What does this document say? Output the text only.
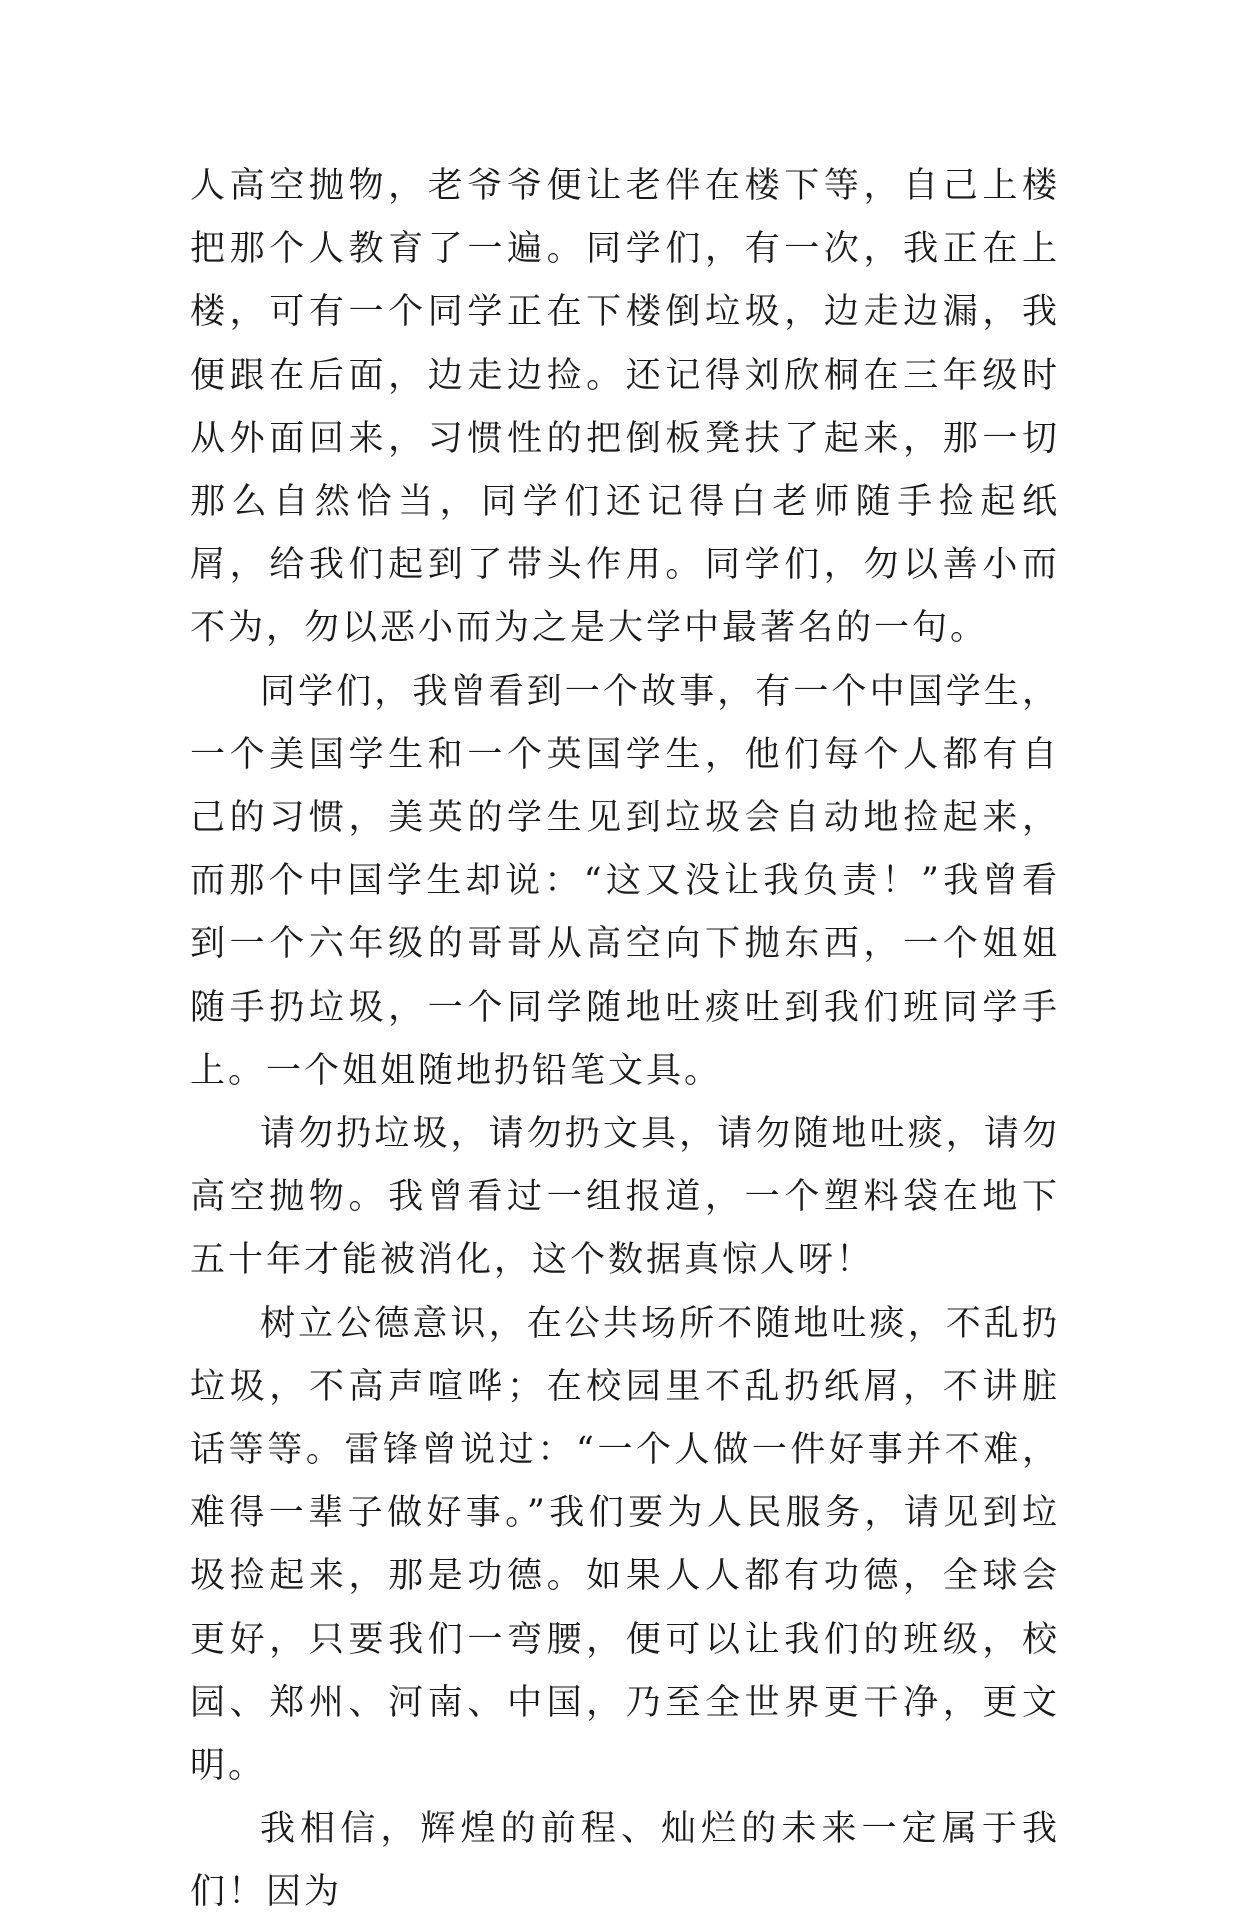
人高空抛物，老爷爷便让老伴在楼下等，自己上楼把那个人教育了一遍。同学们，有一次，我正在上楼，可有一个同学正在下楼倒垃圾，边走边漏，我便跟在后面，边走边捡。还记得刘欣桐在三年级时从外面回来，习惯性的把倒板凳扶了起来，那一切那么自然恰当，同学们还记得白老师随手捡起纸屑，给我们起到了带头作用。同学们，勿以善小而不为，勿以恶小而为之是大学中最著名的一句。

同学们，我曾看到一个故事，有一个中国学生，一个美国学生和一个英国学生，他们每个人都有自己的习惯，美英的学生见到垃圾会自动地捡起来，而那个中国学生却说：“这又没让我负责！”我曾看到一个六年级的哥哥从高空向下抛东西，一个姐姐随手扔垃圾，一个同学随地吐痰吐到我们班同学手上。一个姐姐随地扔铅笔文具。

请勿扔垃圾，请勿扔文具，请勿随地吐痰，请勿高空抛物。我曾看过一组报道，一个塑料袋在地下五十年才能被消化，这个数据真惊人呀！

树立公德意识，在公共场所不随地吐痰，不乱扔垃圾，不高声喧哗；在校园里不乱扔纸屑，不讲脏话等等。雷锋曾说过：“一个人做一件好事并不难，难得一辈子做好事。”我们要为人民服务，请见到垃圾捡起来，那是功德。如果人人都有功德，全球会更好，只要我们一弯腰，便可以让我们的班级，校园、郑州、河南、中国，乃至全世界更干净，更文明。

我相信，辉煌的前程、灿烂的未来一定属于我们！因为
